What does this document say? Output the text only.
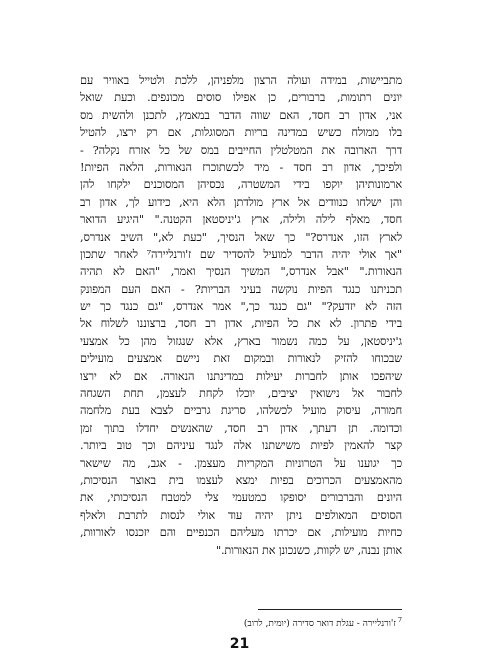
מתביישות, במידה ועולה הרצון מלפניהן, ללכת ולטייל באוויר עם
יונים רתומות, ברבורים, כן אפילו סוסים מכונפים. וכעת שואל
אני, אדון רב חסד, האם שווה הדבר במאמץ, לתכנן ולהשית מס
בלו ממולח כשיש במדינה בריות המסוגלות, אם רק ירצו, להטיל
דרך הארובה את המטלטלין החייבים במס של כל אזרח נקלה? -
ולפיכך, אדון רב חסד - מיד לכשתוכרז הנאורות, הלאה הפיות!
ארמונותיהן יוקפו בידי המשטרה, נכסיהן המסוכנים ילקחו להן
והן ישלחו כנוודים אל ארץ מולדתן הלא היא, כידוע לך, אדון רב
חסד, מאלף לילה ולילה, ארץ ג'יניסטאן הקטנה." "היגיע הדואר
לארץ הזו, אנדרס?" כך שאל הנסיך, "כעת לא," השיב אנדרס,
"אך אולי יהיה הדבר למועיל להסדיר שם ז'ורנליירה⁷ לאחר שתכון
הנאורות." "אבל אנדרס," המשיך הנסיך ואמר, "האם לא תהיה
תכניתנו כנגד הפיות נוקשה בעיני הבריות? - האם העם המפונק
הזה לא יזדעק?" "גם כנגד כך," אמר אנדרס, "גם כנגד כך יש
בידי פתרון. לא את כל הפיות, אדון רב חסד, ברצוננו לשלוח אל
ג'יניסטאן, על כמה נשמור בארץ, אלא שנגזול מהן כל אמצעי
שבכוחו להזיק לנאורות ובמקום זאת ניישם אמצעים מועילים
שיהפכו אותן לחברות יעילות במדינתנו הנאורה. אם לא ירצו
לחבור אל נישואין יציבים, יוכלו לקחת לעצמן, תחת השגחה
חמורה, עיסוק מועיל לכשלהו, סריגת גרביים לצבא בעת מלחמה
וכדומה. תן דעתך, אדון רב חסד, שהאנשים יחדלו בתוך זמן
קצר להאמין לפיות משישתנו אלה לנגד עיניהם וכך טוב ביותר.
כך יגוענו על הטרוניות המקריות מעצמן. - אגב, מה שישאר
מהאמצעים הכרוכים בפיות ימצא לעצמו בית באוצר הנסיכות,
היונים והברבורים יסופקו כמטעמי צלי למטבח הנסיכותי, את
הסוסים המאולפים ניתן יהיה עוד אולי לנסות לתרבת ולאלף
כחיות מועילות, אם יכרתו מעליהם הכנפיים והם יזכנסו לאורוות,
אותן נבנה, יש לקוות, כשנכונן את הנאורות."
$^7$ז'ורנליירה - עגלת דואר סדירה (יומית, לרוב)
21
